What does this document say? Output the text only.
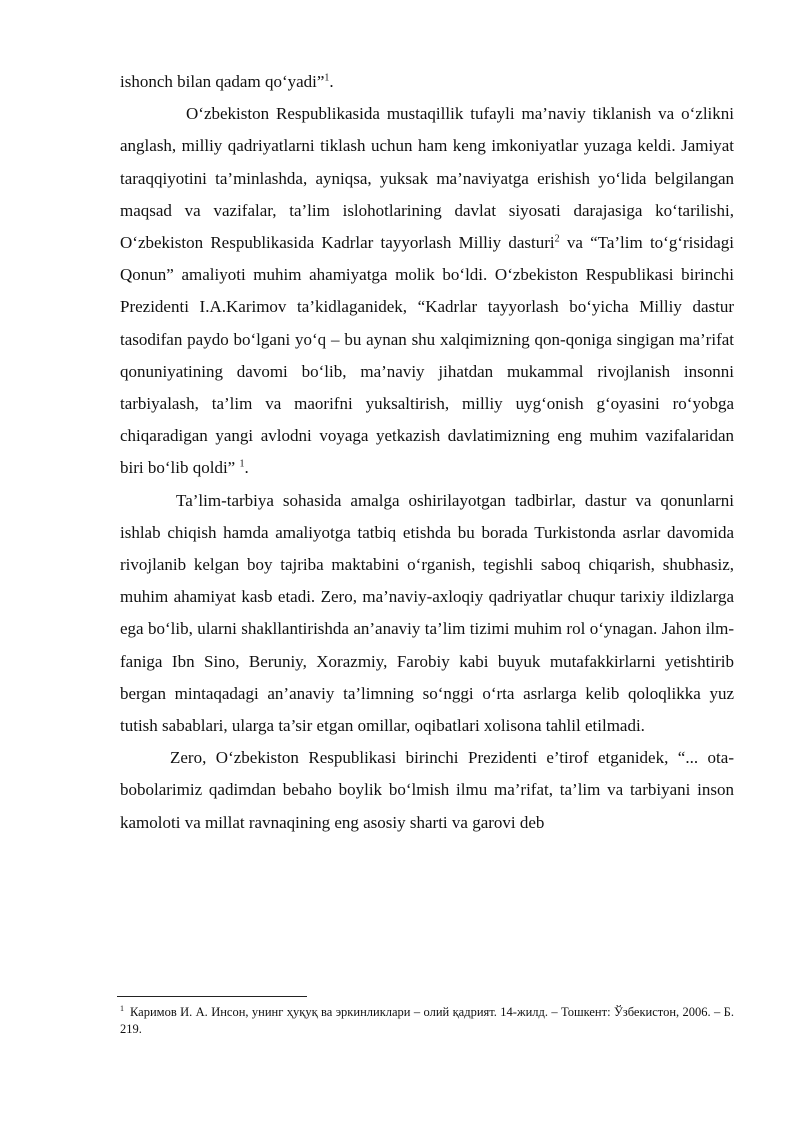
ishonch bilan qadam qo‘yadi”$^1$.

O‘zbekiston Respublikasida mustaqillik tufayli ma’naviy tiklanish va o‘zlikni anglash, milliy qadriyatlarni tiklash uchun ham keng imkoniyatlar yuzaga keldi. Jamiyat taraqqiyotini ta’minlashda, ayniqsa, yuksak ma’naviyatga erishish yo‘lida belgilangan maqsad va vazifalar, ta’lim islohotlarining davlat siyosati darajasiga ko‘tarilishi, O‘zbekiston Respublikasida Kadrlar tayyorlash Milliy dasturi$^2$ va “Ta’lim to‘g‘risidagi Qonun” amaliyoti muhim ahamiyatga molik bo‘ldi. O‘zbekiston Respublikasi birinchi Prezidenti I.A.Karimov ta’kidlaganidek, “Kadrlar tayyorlash bo‘yicha Milliy dastur tasodifan paydo bo‘lgani yo‘q – bu aynan shu xalqimizning qon-qoniga singigan ma’rifat qonuniyatining davomi bo‘lib, ma’naviy jihatdan mukammal rivojlanish insonni tarbiyalash, ta’lim va maorifni yuksaltirish, milliy uyg‘onish g‘oyasini ro‘yobga chiqaradigan yangi avlodni voyaga yetkazish davlatimizning eng muhim vazifalaridan biri bo‘lib qoldi” $^1$.

Ta’lim-tarbiya sohasida amalga oshirilayotgan tadbirlar, dastur va qonunlarni ishlab chiqish hamda amaliyotga tatbiq etishda bu borada Turkistonda asrlar davomida rivojlanib kelgan boy tajriba maktabini o‘rganish, tegishli saboq chiqarish, shubhasiz, muhim ahamiyat kasb etadi. Zero, ma’naviy-axloqiy qadriyatlar chuqur tarixiy ildizlarga ega bo‘lib, ularni shakllantirishda an’anaviy ta’lim tizimi muhim rol o‘ynagan. Jahon ilm-faniga Ibn Sino, Beruniy, Xorazmiy, Farobiy kabi buyuk mutafakkirlarni yetishtirib bergan mintaqadagi an’anaviy ta’limning so‘nggi o‘rta asrlarga kelib qoloqlikka yuz tutish sabablari, ularga ta’sir etgan omillar, oqibatlari xolisona tahlil etilmadi.

Zero, O‘zbekiston Respublikasi birinchi Prezidenti e’tirof etganidek, “... ota- bobolarimiz qadimdan bebaho boylik bo‘lmish ilmu ma’rifat, ta’lim va tarbiyani inson kamoloti va millat ravnaqining eng asosiy sharti va garovi deb

$^1$ Каримов И. А. Инсон, унинг ҳуқуқ ва эркинликлари – олий қадрият. 14-жилд. – Тошкент: Ўзбекистон, 2006. – Б. 219.
